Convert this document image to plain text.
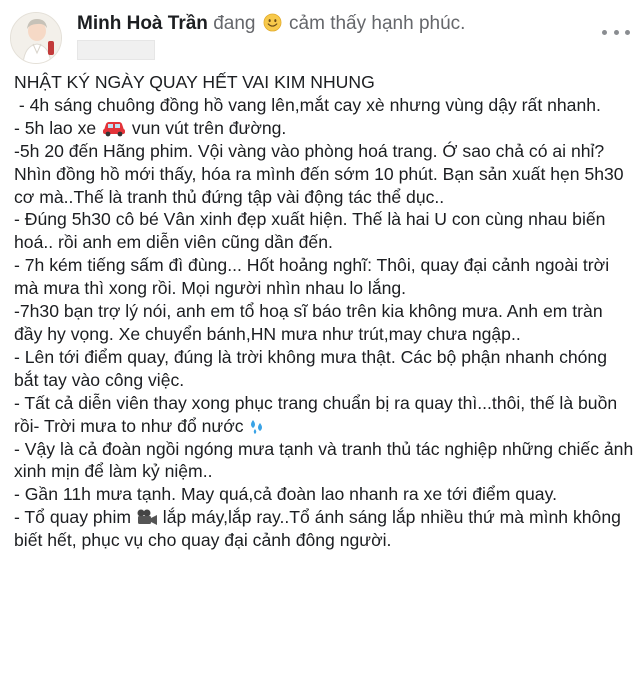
Minh Hoà Trần đang cảm thấy hạnh phúc.

NHẬT KÝ NGÀY QUAY HẾT VAI KIM NHUNG

- 4h sáng chuông đồng hồ vang lên,mắt cay xè nhưng vùng dậy rất nhanh.

- 5h lao xe  vun vút trên đường.

-5h 20 đến Hãng phim. Vội vàng vào phòng hoá trang. Ớ sao chả có ai nhỉ? Nhìn đồng hồ mới thấy, hóa ra mình đến sớm 10 phút. Bạn sản xuất hẹn 5h30 cơ mà..Thế là tranh thủ đứng tập vài động tác thể dục..

- Đúng 5h30 cô bé Vân xinh đẹp xuất hiện. Thế là hai U con cùng nhau biến hoá.. rồi anh em diễn viên cũng dần đến.

- 7h kém tiếng sấm đì đùng... Hốt hoảng nghĩ: Thôi, quay đại cảnh ngoài trời mà mưa thì xong rồi. Mọi người nhìn nhau lo lắng.

-7h30 bạn trợ lý nói, anh em tổ hoạ sĩ báo trên kia không mưa. Anh em tràn đầy hy vọng. Xe chuyển bánh,HN mưa như trút,may chưa ngập..

- Lên tới điểm quay, đúng là trời không mưa thật. Các bộ phận nhanh chóng bắt tay vào công việc.

- Tất cả diễn viên thay xong phục trang chuẩn bị ra quay thì...thôi, thế là buồn rồi- Trời mưa to như đổ nước

- Vậy là cả đoàn ngồi ngóng mưa tạnh và tranh thủ tác nghiệp những chiếc ảnh xinh mịn để làm kỷ niệm..

- Gần 11h mưa tạnh. May quá,cả đoàn lao nhanh ra xe tới điểm quay.

- Tổ quay phim  lắp máy,lắp ray..Tổ ánh sáng lắp nhiều thứ mà mình không biết hết, phục vụ cho quay đại cảnh đông người.
